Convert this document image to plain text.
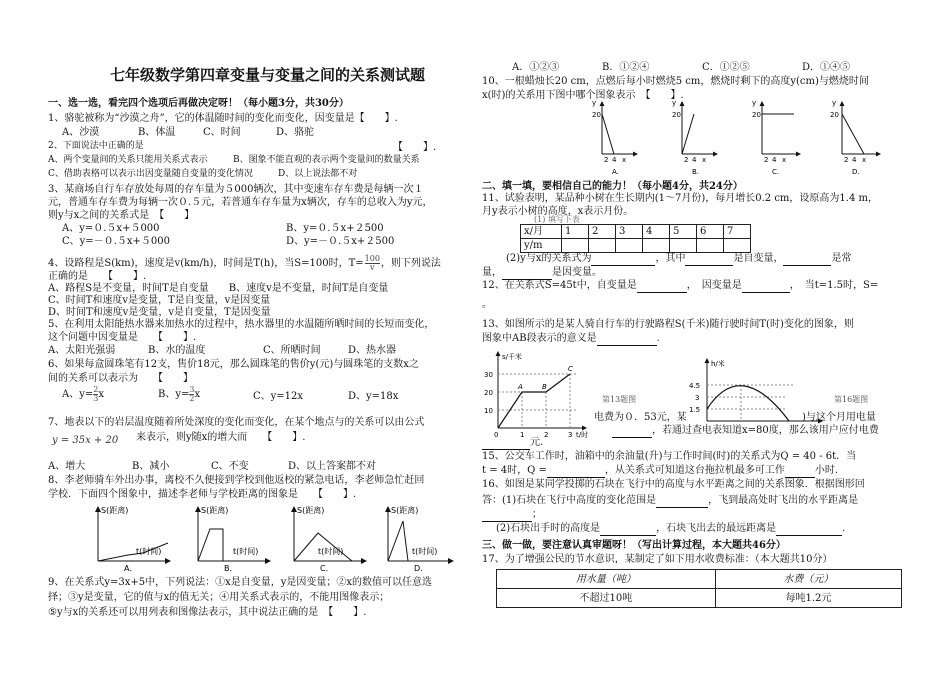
七年级数学第四章变量与变量之间的关系测试题
一、选一选，看完四个选项后再做决定呀！（每小题3分，共30分）
1、骆驼被称为“沙漠之舟”，它的体温随时间的变化而变化，因变量是【　　】.
A、沙漠	B、体温	C、时间	D、骆驼
2、下面说法中正确的是	【　　】.
A、两个变量间的关系只能用关系式表示	B、图象不能直观的表示两个变量间的数量关系
C、借助表格可以表示出因变量随自变量的变化情况	D、以上说法都不对
3、某商场自行车存放处每周的存车量为５000辆次，其中变速车存车费是每辆一次１
元，普通车存车费为每辆一次０.５元，若普通车存车量为x辆次，存车的总收入为y元，
则y与x之间的关系式是　【　　】
A、y=０.５x+５000	B、y=０.５x+２500
C、y=－０.５x+５000	D、y=－０.５x+２500
4、设路程是S(km)，速度是v(km/h)，时间是T(h)，当S=100时，$T= \frac{100}{v}$ ，则下列说法
正确的是　　【　　】.
A、路程S是不变量，时间T是自变量　　B、速度v是不变量，时间T是自变量
C、时间T和速度v是变量，T是自变量，v是因变量
D、时间T和速度v是变量，v是自变量，T是因变量
5、在利用太阳能热水器来加热水的过程中，热水器里的水温随所晒时间的长短而变化，
这个问题中因变量是　　【　　】.
A、太阳光强弱	B、水的温度	C、所晒时间	D、热水器
6、如果每盒圆珠笔有12支，售价18元，那么圆珠笔的售价y(元)与圆珠笔的支数x之
间的关系可以表示为　　【　　】
A、$y= \frac{2}{3}$ x	B、$y= \frac{3}{2}$ x	C、y=12x	D、y=18x
7、地表以下的岩层温度随着所处深度的变化而变化，在某个地点与的关系可以由公式
y = 35x + 20 来表示，则y随x的增大而　　【　　】.
A、增大	B、减小	C、不变	D、以上答案都不对
8、李老师骑车外出办事，离校不久便接到学校到他返校的紧急电话，李老师急忙赶回
学校．下面四个图象中，描述李老师与学校距离的图象是　　【　　】.
S(距离)
t(时间)
A．
S(距离)
t(时间)
B．
S(距离)
t(时间)
C．
S(距离)
t(时间)
D．
9、在关系式y=3x+5中，下列说法：①x是自变量，y是因变量；②x的数值可以任意选
择；③y是变量，它的值与x的值无关；④用关系式表示的，不能用图像表示；
⑤y与x的关系还可以用列表和图像法表示，其中说法正确的是　【　　】.
A．①②③	B．①②④	C．①②⑤	D．①④⑤
10、一根蜡烛长20 cm，点燃后每小时燃烧5 cm，燃烧时剩下的高度y(cm)与燃烧时间
x(时)的关系用下图中哪个图象表示　【　　】.
20
2 4 x
y
A.
20
2 4 x
y
B.
20
2 4 x
y
C.
20
2 4 x
y
D.
二、填一填，要相信自己的能力！（每小题4分，共24分）
11、试验表明，某品种小树在生长期内(1～7月份)，每月增长0.2 cm，设原高为1.4 m，
月y表示小树的高度，x表示月份。
(1) 填写下表
x/月	1	2	3	4	5	6	7
y/m							
(2)y与x的关系式为	，其中	是自变量，	是常
量，	是因变量。
12、在关系式S=45t中，自变量是	，　因变量是	，　当t=1.5时，S=
。
13、如图所示的是某人骑自行车的行驶路程S(千米)随行驶时间T(时)变化的图象，则
图象中AB段表示的意义是	.
s/千米
30
20
10
0	1	2	3 t/时
A	B
C
第13题图
h/米
4.5
3
1.5
第16题图
电费为０．53元，某	)与这个月用电量
，若通过查电表知道x=80度，那么该用户应付电费
元.
15、公交车工作时，油箱中的余油量(升)与工作时间(时)的关系式为Q = 40 - 6t．当
t = 4时，Q =	，从关系式可知道这台拖拉机最多可工作	小时.
16、如图是某同学投掷的石块在飞行中的高度与水平距离之间的关系图象．根据图形回
答：(1)石块在飞行中高度的变化范围是	，飞到最高处时飞出的水平距离是
；
(2)石块出手时的高度是	，石块飞出去的最远距离是	.
三、做一做，要注意认真审题呀！（写出计算过程，本大题共46分）
17、为了增强公民的节水意识，某制定了如下用水收费标准：（本大题共10分）
用水量（吨）	水费（元）
不超过10吨	每吨1.2元
